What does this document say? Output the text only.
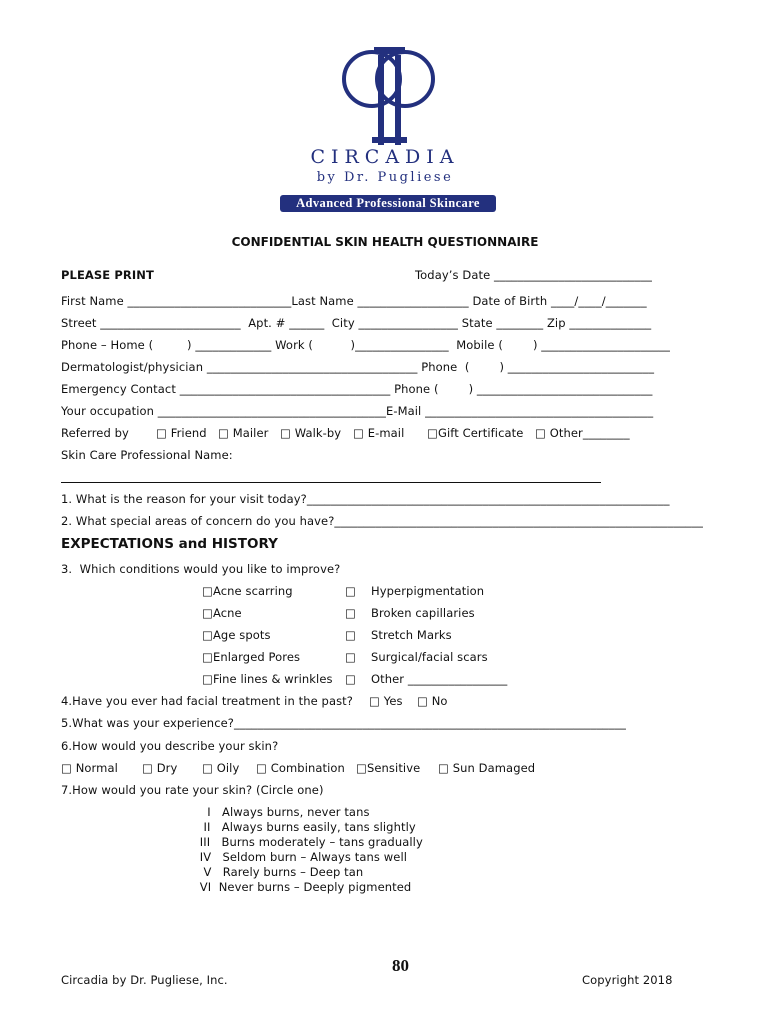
CIRCADIA
by Dr. Pugliese
Advanced Professional Skincare
CONFIDENTIAL SKIN HEALTH QUESTIONNAIRE
PLEASE PRINT	Today’s Date ___________________________
First Name ____________________________Last Name ___________________ Date of Birth ____/____/_______
Street ________________________  Apt. # ______  City _________________ State ________ Zip ______________
Phone – Home (         ) _____________ Work (          )________________  Mobile (        ) ______________________
Dermatologist/physician ____________________________________ Phone  (        ) _________________________
Emergency Contact ____________________________________ Phone (        ) ______________________________
Your occupation _______________________________________E-Mail _______________________________________
Referred by □ Friend □ Mailer □ Walk-by □ E-mail □Gift Certificate □ Other________
Skin Care Professional Name:
1. What is the reason for your visit today?______________________________________________________________
2. What special areas of concern do you have?_______________________________________________________________
EXPECTATIONS and HISTORY
3.  Which conditions would you like to improve?
□Acne scarring
□Acne
□Age spots
□Enlarged Pores
□Fine lines & wrinkles
□    Hyperpigmentation
□    Broken capillaries
□    Stretch Marks
□    Surgical/facial scars
□    Other _________________
4.Have you ever had facial treatment in the past? □ Yes □ No
5.What was your experience?___________________________________________________________________
6.How would you describe your skin?
□ Normal □ Dry □ Oily □ Combination □Sensitive □ Sun Damaged
7.How would you rate your skin? (Circle one)
I   Always burns, never tans
II   Always burns easily, tans slightly
III   Burns moderately – tans gradually
IV   Seldom burn – Always tans well
V   Rarely burns – Deep tan
VI  Never burns – Deeply pigmented
80
Circadia by Dr. Pugliese, Inc.	Copyright 2018
